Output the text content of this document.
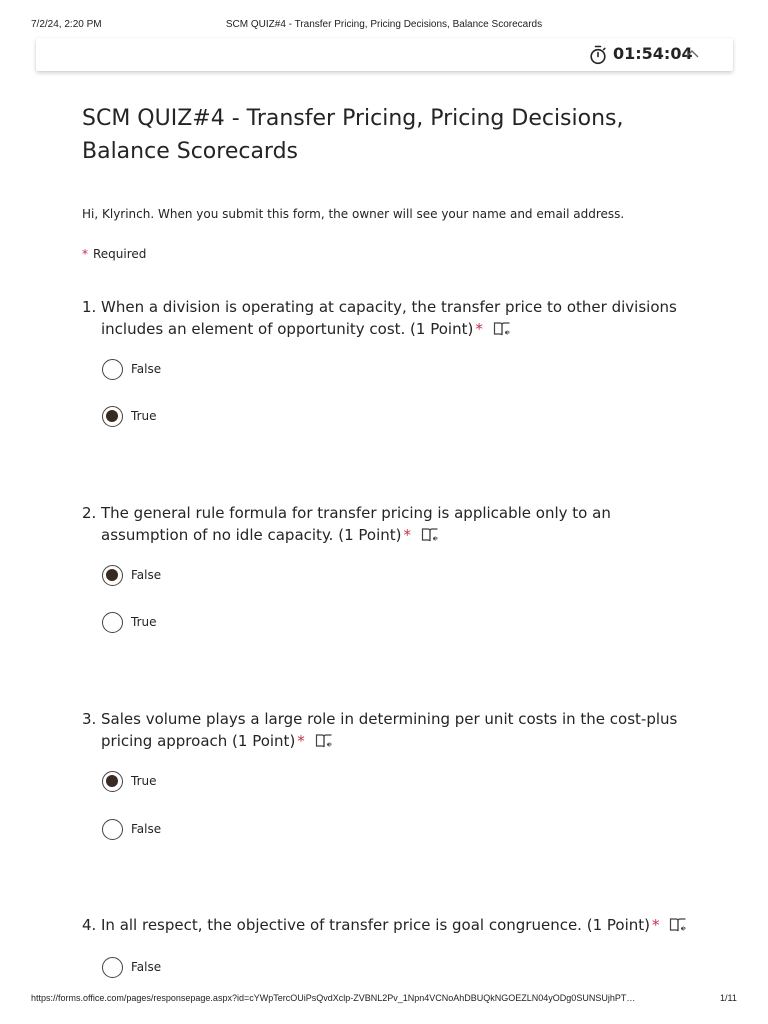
7/2/24, 2:20 PM	SCM QUIZ#4 - Transfer Pricing, Pricing Decisions, Balance Scorecards
01:54:04
SCM QUIZ#4 - Transfer Pricing, Pricing Decisions, Balance Scorecards

Hi, Klyrinch. When you submit this form, the owner will see your name and email address.

* Required

1. When a division is operating at capacity, the transfer price to other divisions includes an element of opportunity cost. (1 Point) *
False
True
2. The general rule formula for transfer pricing is applicable only to an assumption of no idle capacity. (1 Point) *
False
True
3. Sales volume plays a large role in determining per unit costs in the cost-plus pricing approach (1 Point) *
True
False
4. In all respect, the objective of transfer price is goal congruence. (1 Point) *
False
https://forms.office.com/pages/responsepage.aspx?id=cYWpTercOUiPsQvdXclp-ZVBNL2Pv_1Npn4VCNoAhDBUQkNGOEZLN04yODg0SUNSUjhPT…	1/11
